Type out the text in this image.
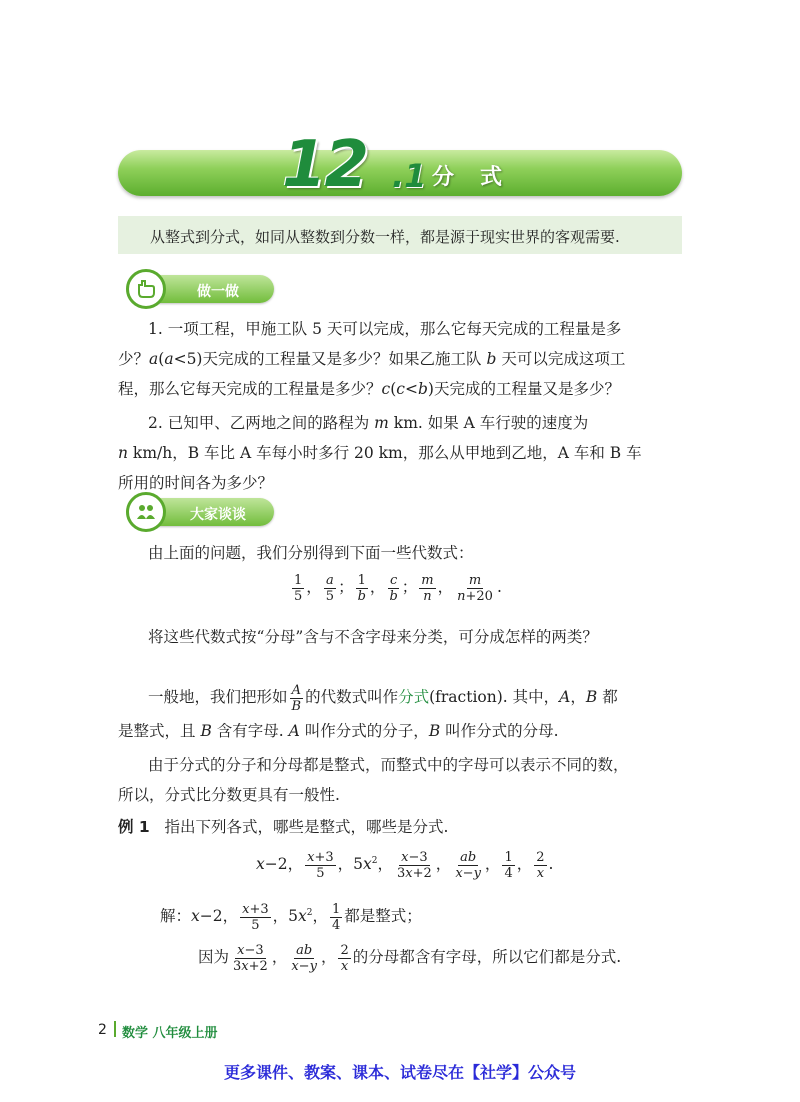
12 .1 分式
从整式到分式，如同从整数到分数一样，都是源于现实世界的客观需要.
做一做
1. 一项工程，甲施工队 5 天可以完成，那么它每天完成的工程量是多
少？a(a<5)天完成的工程量又是多少？如果乙施工队 b 天可以完成这项工
程，那么它每天完成的工程量是多少？c(c<b)天完成的工程量又是多少？
2. 已知甲、乙两地之间的路程为 m km. 如果 A 车行驶的速度为
n km/h，B 车比 A 车每小时多行 20 km，那么从甲地到乙地，A 车和 B 车
所用的时间各为多少？
大家谈谈
由上面的问题，我们分别得到下面一些代数式：
$\frac{1}{5}$ ， $\frac{a}{5}$ ； $\frac{1}{b}$ ， $\frac{c}{b}$ ； $\frac{m}{n}$ ， $\frac{m}{n+20}$ .
将这些代数式按“分母”含与不含字母来分类，可分成怎样的两类？
一般地，我们把形如 $\frac{A}{B}$ 的代数式叫作分式(fraction). 其中，A，B 都
是整式，且 B 含有字母. A 叫作分式的分子，B 叫作分式的分母.
由于分式的分子和分母都是整式，而整式中的字母可以表示不同的数，
所以，分式比分数更具有一般性.
例 1 指出下列各式，哪些是整式，哪些是分式.
x−2， $\frac{x+3}{5}$ ，$5x^2$， $\frac{x-3}{3x+2}$ ， $\frac{ab}{x-y}$ ， $\frac{1}{4}$ ， $\frac{2}{x}$ .
解：x−2， $\frac{x+3}{5}$ ，$5x^2$， $\frac{1}{4}$ 都是整式；
因为 $\frac{x-3}{3x+2}$ ， $\frac{ab}{x-y}$ ， $\frac{2}{x}$ 的分母都含有字母，所以它们都是分式.
2 数学 八年级上册
更多课件、教案、课本、试卷尽在【社学】公众号
